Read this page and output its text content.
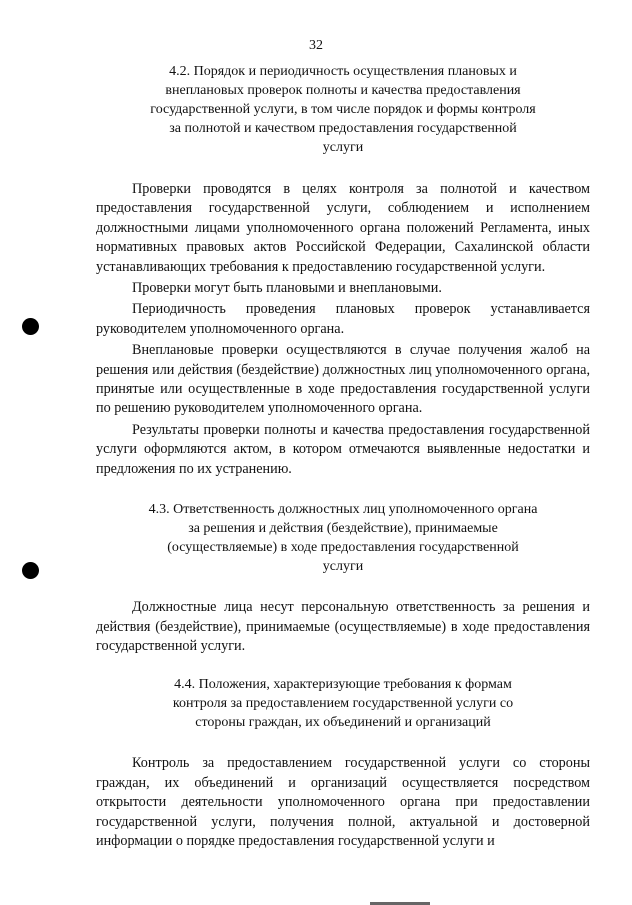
32
4.2. Порядок и периодичность осуществления плановых и внеплановых проверок полноты и качества предоставления государственной услуги, в том числе порядок и формы контроля за полнотой и качеством предоставления государственной услуги

Проверки проводятся в целях контроля за полнотой и качеством предоставления государственной услуги, соблюдением и исполнением должностными лицами уполномоченного органа положений Регламента, иных нормативных правовых актов Российской Федерации, Сахалинской области устанавливающих требования к предоставлению государственной услуги.

Проверки могут быть плановыми и внеплановыми.

Периодичность проведения плановых проверок устанавливается руководителем уполномоченного органа.

Внеплановые проверки осуществляются в случае получения жалоб на решения или действия (бездействие) должностных лиц уполномоченного органа, принятые или осуществленные в ходе предоставления государственной услуги по решению руководителем уполномоченного органа.

Результаты проверки полноты и качества предоставления государственной услуги оформляются актом, в котором отмечаются выявленные недостатки и предложения по их устранению.

4.3. Ответственность должностных лиц уполномоченного органа за решения и действия (бездействие), принимаемые (осуществляемые) в ходе предоставления государственной услуги

Должностные лица несут персональную ответственность за решения и действия (бездействие), принимаемые (осуществляемые) в ходе предоставления государственной услуги.

4.4. Положения, характеризующие требования к формам контроля за предоставлением государственной услуги со стороны граждан, их объединений и организаций

Контроль за предоставлением государственной услуги со стороны граждан, их объединений и организаций осуществляется посредством открытости деятельности уполномоченного органа при предоставлении государственной услуги, получения полной, актуальной и достоверной информации о порядке предоставления государственной услуги и
